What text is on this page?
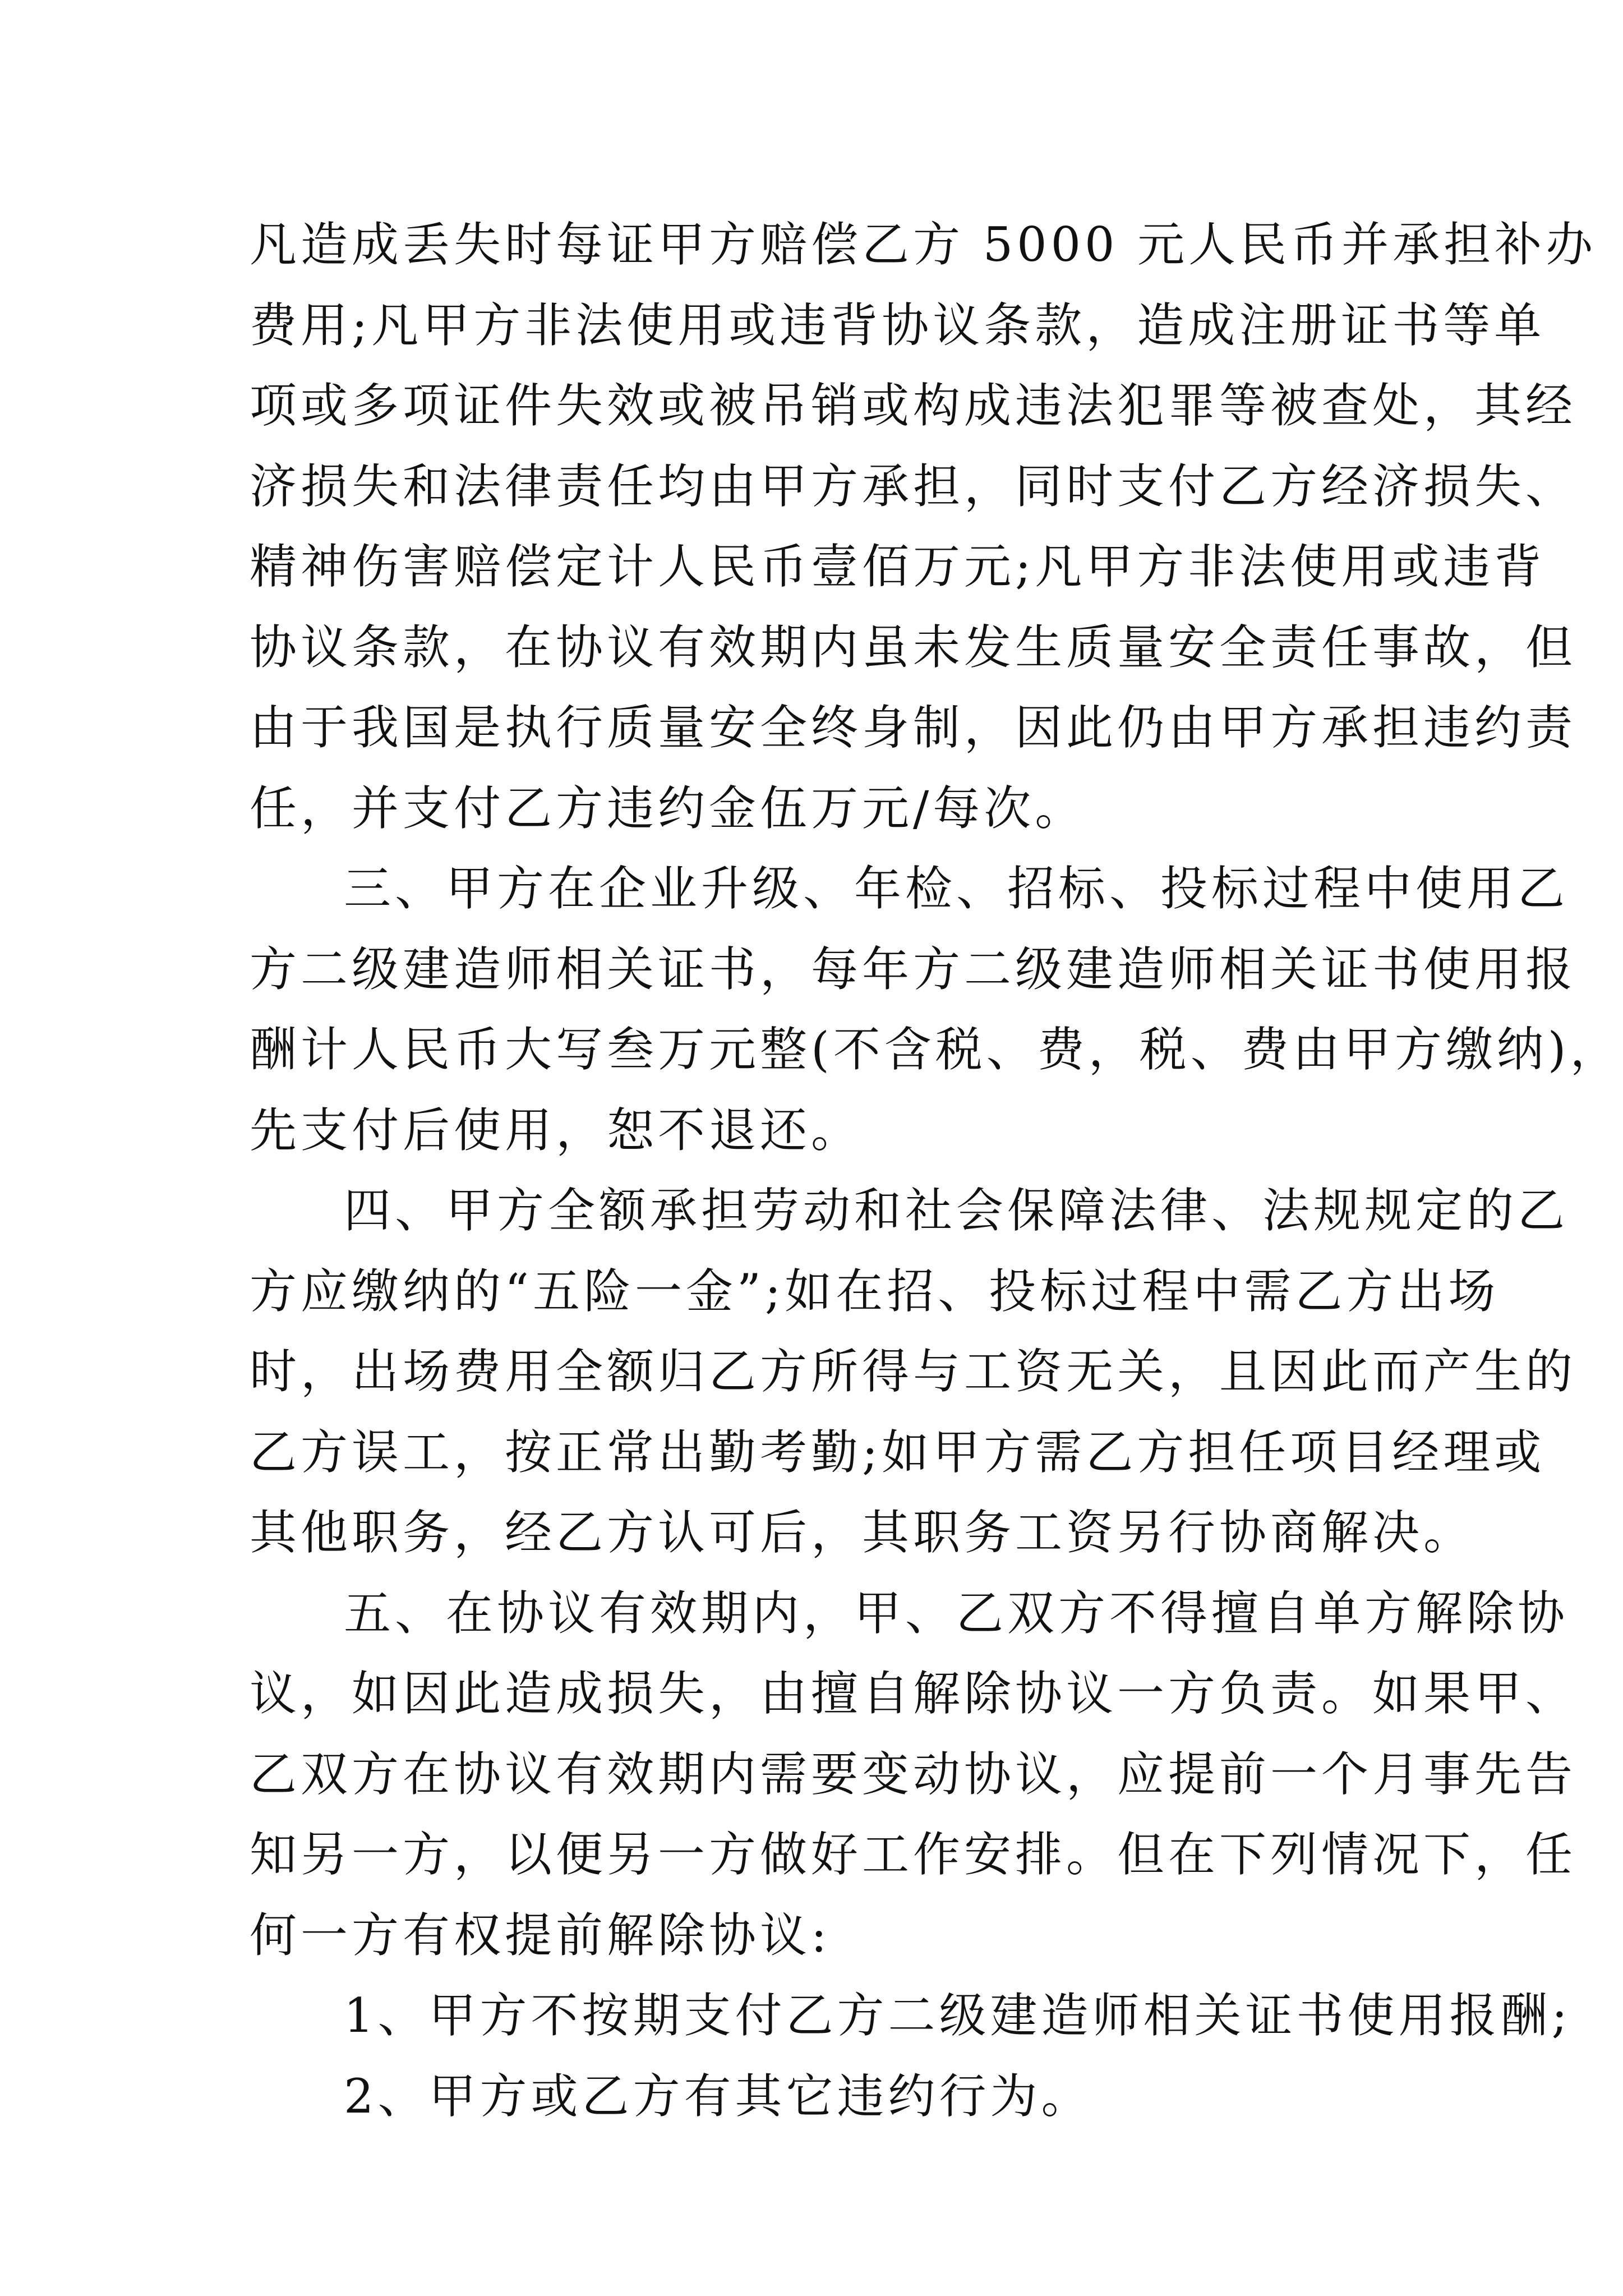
凡造成丢失时每证甲方赔偿乙方 5000 元人民币并承担补办
费用;凡甲方非法使用或违背协议条款，造成注册证书等单
项或多项证件失效或被吊销或构成违法犯罪等被查处，其经
济损失和法律责任均由甲方承担，同时支付乙方经济损失、
精神伤害赔偿定计人民币壹佰万元;凡甲方非法使用或违背
协议条款，在协议有效期内虽未发生质量安全责任事故，但
由于我国是执行质量安全终身制，因此仍由甲方承担违约责
任，并支付乙方违约金伍万元/每次。
三、甲方在企业升级、年检、招标、投标过程中使用乙
方二级建造师相关证书，每年方二级建造师相关证书使用报
酬计人民币大写叁万元整(不含税、费，税、费由甲方缴纳)，
先支付后使用，恕不退还。
四、甲方全额承担劳动和社会保障法律、法规规定的乙
方应缴纳的“五险一金”;如在招、投标过程中需乙方出场
时，出场费用全额归乙方所得与工资无关，且因此而产生的
乙方误工，按正常出勤考勤;如甲方需乙方担任项目经理或
其他职务，经乙方认可后，其职务工资另行协商解决。
五、在协议有效期内，甲、乙双方不得擅自单方解除协
议，如因此造成损失，由擅自解除协议一方负责。如果甲、
乙双方在协议有效期内需要变动协议，应提前一个月事先告
知另一方，以便另一方做好工作安排。但在下列情况下，任
何一方有权提前解除协议:
1、甲方不按期支付乙方二级建造师相关证书使用报酬;
2、甲方或乙方有其它违约行为。
